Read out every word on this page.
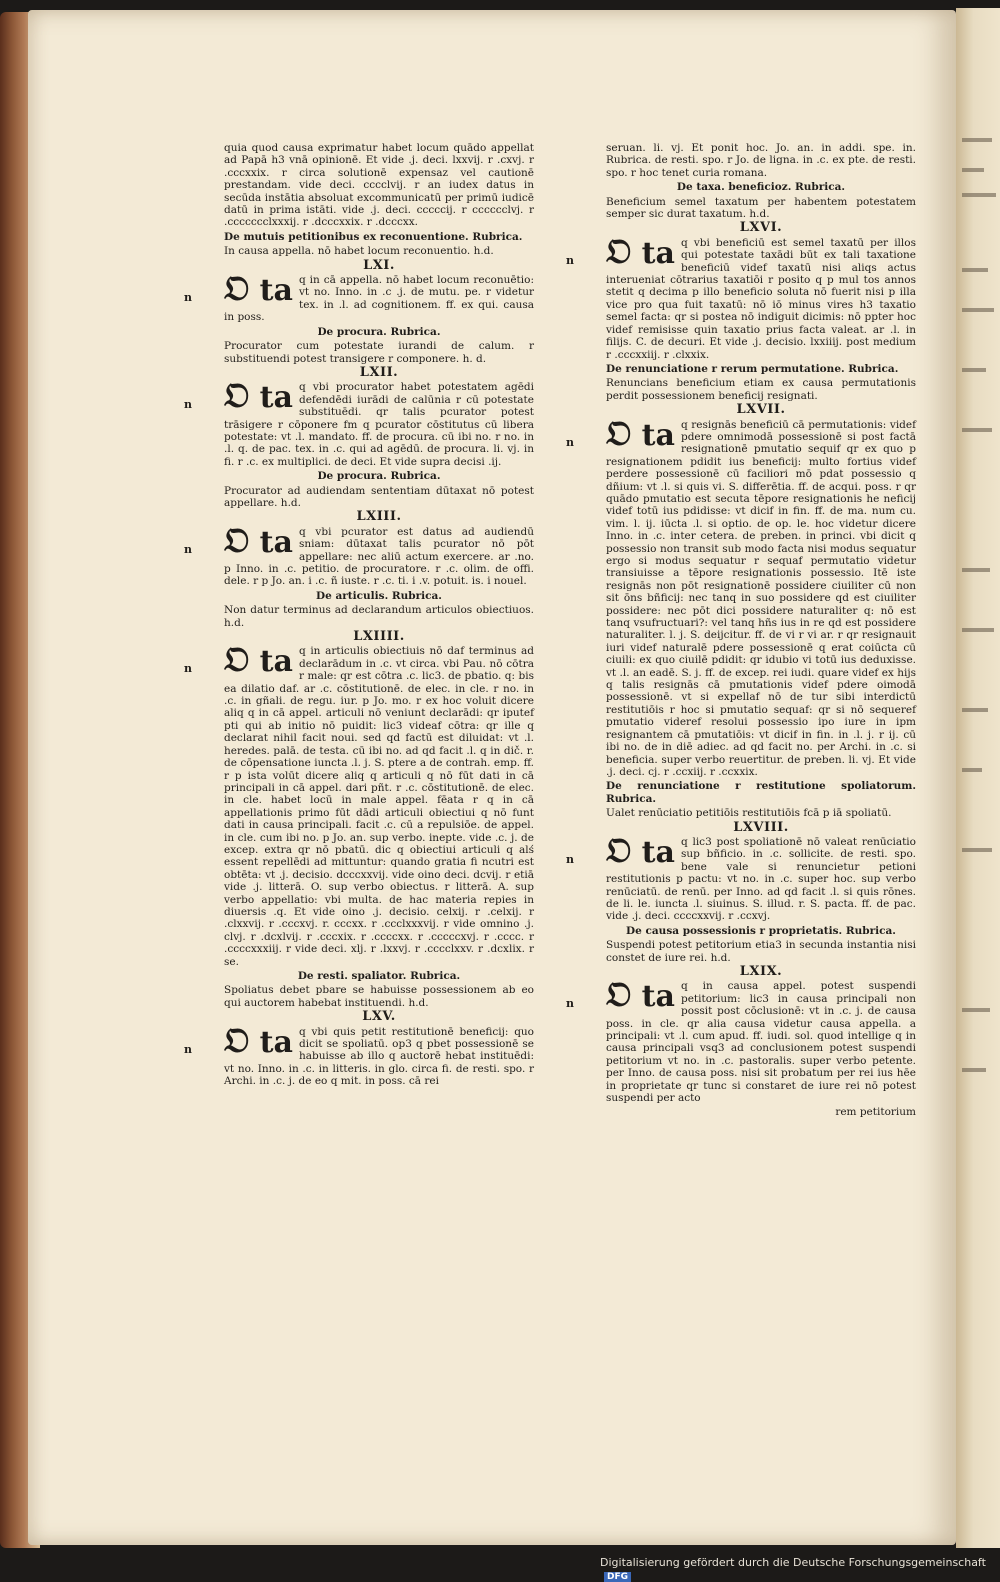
quia quod causa exprimatur habet locum quādo appellat ad Papā h3 vnā opinionē. Et vide .j. deci. lxxvij. r .cxvj. r .cccxxix. r circa solutionē expensaz vel cautionē prestandam. vide deci. cccclvij. r an iudex datus in secūda instātia absoluat excommunicatū per primū iudicē datū in prima istāti. vide .j. deci. cccccij. r cccccclvj. r .ccccccclxxxij. r .dcccxxix. r .dcccxx.

De mutuis petitionibus ex reconuentione. Rubrica.

In causa appella. nō habet locum reconuentio. h.d.

LXI.
n 𝔒 ta q in cā appella. nō habet locum reconuētio: vt no. Inno. in .c .j. de mutu. pe. r videtur tex. in .l. ad cognitionem. ff. ex qui. causa in poss.

De procura. Rubrica.

Procurator cum potestate iurandi de calum. r substituendi potest transigere r componere. h. d.

LXII.
n 𝔒 ta q vbi procurator habet potestatem agēdi defendēdi iurādi de calūnia r cū potestate substituēdi. qr talis pcurator potest trāsigere r cōponere fm q pcurator cōstitutus cū libera potestate: vt .l. mandato. ff. de procura. cū ibi no. r no. in .l. q. de pac. tex. in .c. qui ad agēdū. de procura. li. vj. in fi. r .c. ex multiplici. de deci. Et vide supra decisi .ij.

De procura. Rubrica.

Procurator ad audiendam sententiam dūtaxat nō potest appellare. h.d.

LXIII.
n 𝔒 ta q vbi pcurator est datus ad audiendū sniam: dūtaxat talis pcurator nō pōt appellare: nec aliū actum exercere. ar .no. p Inno. in .c. petitio. de procuratore. r .c. olim. de offi. dele. r p Jo. an. i .c. ñ iuste. r .c. ti. i .v. potuit. is. i nouel.

De articulis. Rubrica.

Non datur terminus ad declarandum articulos obiectiuos. h.d.

LXIIII.
n 𝔒 ta q in articulis obiectiuis nō daf terminus ad declarādum in .c. vt circa. vbi Pau. nō cōtra r male: qr est cōtra .c. lic3. de pbatio. q: bis ea dilatio daf. ar .c. cōstitutionē. de elec. in cle. r no. in .c. in gñali. de regu. iur. p Jo. mo. r ex hoc voluit dicere aliq q in cā appel. articuli nō veniunt declarādi: qr iputef pti qui ab initio nō puidit: lic3 videaf cōtra: qr ille q declarat nihil facit noui. sed qd factū est diluidat: vt .l. heredes. palā. de testa. cū ibi no. ad qd facit .l. q in dič. r. de cōpensatione iuncta .l. j. S. ptere a de contrah. emp. ff. r p ista volūt dicere aliq q articuli q nō fūt dati in cā principali in cā appel. dari pñt. r .c. cōstitutionē. de elec. in cle. habet locū in male appel. fēata r q in cā appellationis primo fūt dādi articuli obiectiui q nō funt dati in causa principali. facit .c. cū a repulsiōe. de appel. in cle. cum ibi no. p Jo. an. sup verbo. inepte. vide .c. j. de excep. extra qr nō pbatū. dic q obiectiui articuli q alś essent repellēdi ad mittuntur: quando gratia fi ncutri est obtēta: vt .j. decisio. dcccxxvij. vide oino deci. dcvij. r etiā vide .j. litterā. O. sup verbo obiectus. r litterā. A. sup verbo appellatio: vbi multa. de hac materia repies in diuersis .q. Et vide oino .j. decisio. celxij. r .celxij. r .clxxvij. r .cccxvj. r. cccxx. r .ccclxxxvij. r vide omnino .j. clvj. r .dcxlvij. r .cccxix. r .ccccxx. r .cccccxvj. r .cccc. r .ccccxxxiij. r vide deci. xlj. r .lxxvj. r .cccclxxv. r .dcxlix. r se.

De resti. spaliator. Rubrica.

Spoliatus debet pbare se habuisse possessionem ab eo qui auctorem habebat instituendi. h.d.

LXV.
n 𝔒 ta q vbi quis petit restitutionē beneficij: quo dicit se spoliatū. op3 q pbet possessionē se habuisse ab illo q auctorē hebat instituēdi: vt no. Inno. in .c. in litteris. in glo. circa fi. de resti. spo. r Archi. in .c. j. de eo q mit. in poss. cā rei

seruan. li. vj. Et ponit hoc. Jo. an. in addi. spe. in. Rubrica. de resti. spo. r Jo. de ligna. in .c. ex pte. de resti. spo. r hoc tenet curia romana.

De taxa. beneficioz. Rubrica.

Beneficium semel taxatum per habentem potestatem semper sic durat taxatum. h.d.

LXVI.
n 𝔒 ta q vbi beneficiū est semel taxatū per illos qui potestate taxādi būt ex tali taxatione beneficiū videf taxatū nisi aliqs actus interueniat cōtrarius taxatiōi r posito q p mul tos annos stetit q decima p illo beneficio soluta nō fuerit nisi p illa vice pro qua fuit taxatū: nō iō minus vires h3 taxatio semel facta: qr si postea nō indiguit dicimis: nō ppter hoc videf remisisse quin taxatio prius facta valeat. ar .l. in filijs. C. de decuri. Et vide .j. decisio. lxxiiij. post medium r .cccxxiij. r .clxxix.

De renunciatione r rerum permutatione. Rubrica.

Renuncians beneficium etiam ex causa permutationis perdit possessionem beneficij resignati.

LXVII.
n 𝔒 ta q resignās beneficiū cā permutationis: videf pdere omnimodā possessionē si post factā resignationē pmutatio sequif qr ex quo p resignationem pdidit ius beneficij: multo fortius videf perdere possessionē cū faciliori mō pdat possessio q dñium: vt .l. si quis vi. S. differētia. ff. de acqui. poss. r qr quādo pmutatio est secuta tēpore resignationis he neficij videf totū ius pdidisse: vt dicif in fin. ff. de ma. num cu. vim. l. ij. iūcta .l. si optio. de op. le. hoc videtur dicere Inno. in .c. inter cetera. de preben. in princi. vbi dicit q possessio non transit sub modo facta nisi modus sequatur ergo si modus sequatur r sequaf permutatio videtur transiuisse a tēpore resignationis possessio. Itē iste resignās non pōt resignationē possidere ciuiliter cū non sit ōns bñficij: nec tanq in suo possidere qd est ciuiliter possidere: nec pōt dici possidere naturaliter q: nō est tanq vsufructuari?: vel tanq hñs ius in re qd est possidere naturaliter. l. j. S. deijcitur. ff. de vi r vi ar. r qr resignauit iuri videf naturalē pdere possessionē q erat coiūcta cū ciuili: ex quo ciuilē pdidit: qr idubio vi totū ius deduxisse. vt .l. an eadē. S. j. ff. de excep. rei iudi. quare videf ex hijs q talis resignās cā pmutationis videf pdere oimodā possessionē. vt si expellaf nō de tur sibi interdictū restitutiōis r hoc si pmutatio sequaf: qr si nō sequeref pmutatio videref resolui possessio ipo iure in ipm resignantem cā pmutatiōis: vt dicif in fin. in .l. j. r ij. cū ibi no. de in diē adiec. ad qd facit no. per Archi. in .c. si beneficia. super verbo reuertitur. de preben. li. vj. Et vide .j. deci. cj. r .ccxiij. r .ccxxix.

De renunciatione r restitutione spoliatorum. Rubrica.

Ualet renūciatio petitiōis restitutiōis fcā p iā spoliatū.

LXVIII.
n 𝔒 ta q lic3 post spoliationē nō valeat renūciatio sup bñficio. in .c. sollicite. de resti. spo. bene vale si renuncietur petioni restitutionis p pactu: vt no. in .c. super hoc. sup verbo renūciatū. de renū. per Inno. ad qd facit .l. si quis rōnes. de li. le. iuncta .l. siuinus. S. illud. r. S. pacta. ff. de pac. vide .j. deci. ccccxxvij. r .ccxvj.

De causa possessionis r proprietatis. Rubrica.

Suspendi potest petitorium etia3 in secunda instantia nisi constet de iure rei. h.d.

LXIX.
n 𝔒 ta q in causa appel. potest suspendi petitorium: lic3 in causa principali non possit post cōclusionē: vt in .c. j. de causa poss. in cle. qr alia causa videtur causa appella. a principali: vt .l. cum apud. ff. iudi. sol. quod intellige q in causa principali vsq3 ad conclusionem potest suspendi petitorium vt no. in .c. pastoralis. super verbo petente. per Inno. de causa poss. nisi sit probatum per rei ius hēe in proprietate qr tunc si constaret de iure rei nō potest suspendi per acto

rem petitorium

Digitalisierung gefördert durch die Deutsche Forschungsgemeinschaft DFG
